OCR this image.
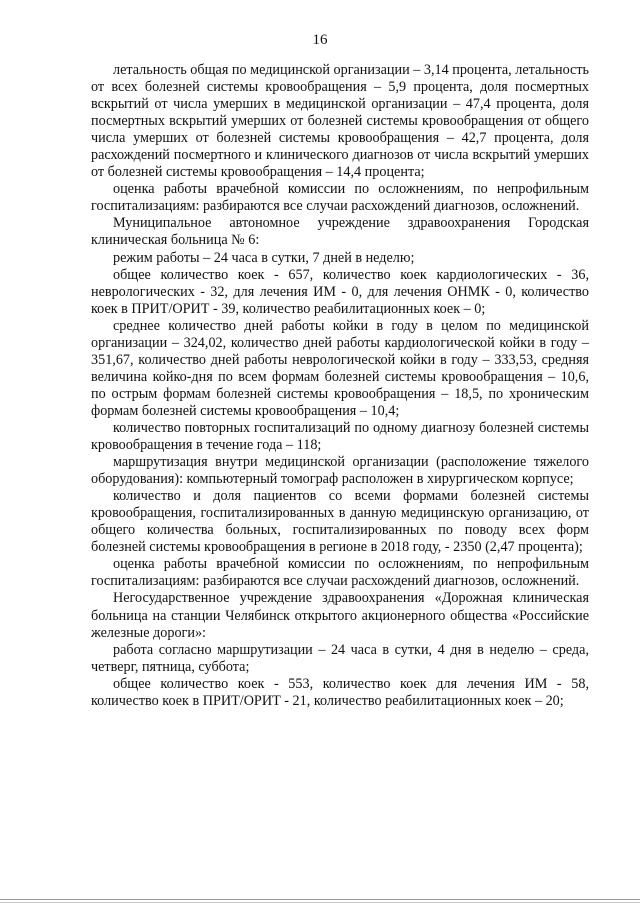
16

летальность общая по медицинской организации – 3,14 процента, летальность от всех болезней системы кровообращения – 5,9 процента, доля посмертных вскрытий от числа умерших в медицинской организации – 47,4 процента, доля посмертных вскрытий умерших от болезней системы кровообращения от общего числа умерших от болезней системы кровообращения – 42,7 процента, доля расхождений посмертного и клинического диагнозов от числа вскрытий умерших от болезней системы кровообращения – 14,4 процента;

оценка работы врачебной комиссии по осложнениям, по непрофильным госпитализациям: разбираются все случаи расхождений диагнозов, осложнений.

Муниципальное автономное учреждение здравоохранения Городская клиническая больница № 6:

режим работы – 24 часа в сутки, 7 дней в неделю;

общее количество коек - 657, количество коек кардиологических - 36, неврологических - 32, для лечения ИМ - 0, для лечения ОНМК - 0, количество коек в ПРИТ/ОРИТ - 39, количество реабилитационных коек – 0;

среднее количество дней работы койки в году в целом по медицинской организации – 324,02, количество дней работы кардиологической койки в году – 351,67, количество дней работы неврологической койки в году – 333,53, средняя величина койко-дня по всем формам болезней системы кровообращения – 10,6, по острым формам болезней системы кровообращения – 18,5, по хроническим формам болезней системы кровообращения – 10,4;

количество повторных госпитализаций по одному диагнозу болезней системы кровообращения в течение года – 118;

маршрутизация внутри медицинской организации (расположение тяжелого оборудования): компьютерный томограф расположен в хирургическом корпусе;

количество и доля пациентов со всеми формами болезней системы кровообращения, госпитализированных в данную медицинскую организацию, от общего количества больных, госпитализированных по поводу всех форм болезней системы кровообращения в регионе в 2018 году, - 2350 (2,47 процента);

оценка работы врачебной комиссии по осложнениям, по непрофильным госпитализациям: разбираются все случаи расхождений диагнозов, осложнений.

Негосударственное учреждение здравоохранения «Дорожная клиническая больница на станции Челябинск открытого акционерного общества «Российские железные дороги»:

работа согласно маршрутизации – 24 часа в сутки, 4 дня в неделю – среда, четверг, пятница, суббота;

общее количество коек - 553, количество коек для лечения ИМ - 58, количество коек в ПРИТ/ОРИТ - 21, количество реабилитационных коек – 20;
